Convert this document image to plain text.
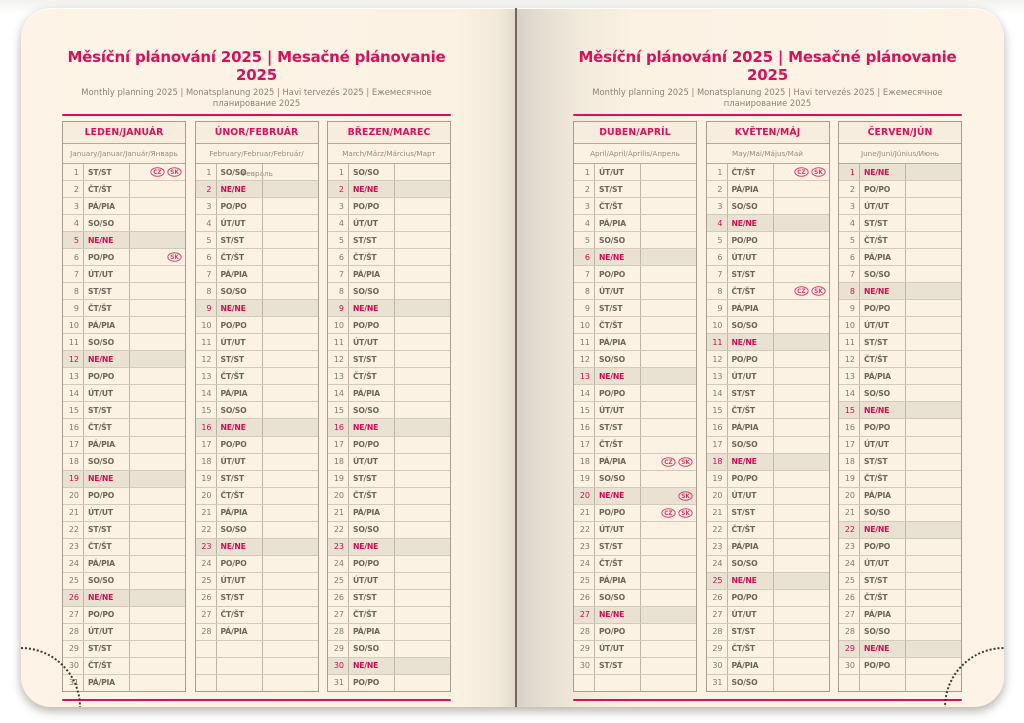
Měsíční plánování 2025 | Mesačné plánovanie 2025
Monthly planning 2025 | Monatsplanung 2025 | Havi tervezés 2025 | Ежемесячное планирование 2025
LEDEN/JANUÁR
January/Januar/Január/Январь
1	ST/ST	CZ	SK
2	ČT/ŠT
3	PÁ/PIA
4	SO/SO
5	NE/NE
6	PO/PO	SK
7	ÚT/UT
8	ST/ST
9	ČT/ŠT
10	PÁ/PIA
11	SO/SO
12	NE/NE
13	PO/PO
14	ÚT/UT
15	ST/ST
16	ČT/ŠT
17	PÁ/PIA
18	SO/SO
19	NE/NE
20	PO/PO
21	ÚT/UT
22	ST/ST
23	ČT/ŠT
24	PÁ/PIA
25	SO/SO
26	NE/NE
27	PO/PO
28	ÚT/UT
29	ST/ST
30	ČT/ŠT
31	PÁ/PIA
ÚNOR/FEBRUÁR
February/Februar/Február/Февраль
1	SO/SO
2	NE/NE
3	PO/PO
4	ÚT/UT
5	ST/ST
6	ČT/ŠT
7	PÁ/PIA
8	SO/SO
9	NE/NE
10	PO/PO
11	ÚT/UT
12	ST/ST
13	ČT/ŠT
14	PÁ/PIA
15	SO/SO
16	NE/NE
17	PO/PO
18	ÚT/UT
19	ST/ST
20	ČT/ŠT
21	PÁ/PIA
22	SO/SO
23	NE/NE
24	PO/PO
25	ÚT/UT
26	ST/ST
27	ČT/ŠT
28	PÁ/PIA
BŘEZEN/MAREC
March/März/Március/Март
1	SO/SO
2	NE/NE
3	PO/PO
4	ÚT/UT
5	ST/ST
6	ČT/ŠT
7	PÁ/PIA
8	SO/SO
9	NE/NE
10	PO/PO
11	ÚT/UT
12	ST/ST
13	ČT/ŠT
14	PÁ/PIA
15	SO/SO
16	NE/NE
17	PO/PO
18	ÚT/UT
19	ST/ST
20	ČT/ŠT
21	PÁ/PIA
22	SO/SO
23	NE/NE
24	PO/PO
25	ÚT/UT
26	ST/ST
27	ČT/ŠT
28	PÁ/PIA
29	SO/SO
30	NE/NE
31	PO/PO
Měsíční plánování 2025 | Mesačné plánovanie 2025
Monthly planning 2025 | Monatsplanung 2025 | Havi tervezés 2025 | Ежемесячное планирование 2025
DUBEN/APRÍL
April/April/Április/Апрель
1	ÚT/UT
2	ST/ST
3	ČT/ŠT
4	PÁ/PIA
5	SO/SO
6	NE/NE
7	PO/PO
8	ÚT/UT
9	ST/ST
10	ČT/ŠT
11	PÁ/PIA
12	SO/SO
13	NE/NE
14	PO/PO
15	ÚT/UT
16	ST/ST
17	ČT/ŠT
18	PÁ/PIA	CZ	SK
19	SO/SO
20	NE/NE	SK
21	PO/PO	CZ	SK
22	ÚT/UT
23	ST/ST
24	ČT/ŠT
25	PÁ/PIA
26	SO/SO
27	NE/NE
28	PO/PO
29	ÚT/UT
30	ST/ST
KVĚTEN/MÁJ
May/Mai/Május/Май
1	ČT/ŠT	CZ	SK
2	PÁ/PIA
3	SO/SO
4	NE/NE
5	PO/PO
6	ÚT/UT
7	ST/ST
8	ČT/ŠT	CZ	SK
9	PÁ/PIA
10	SO/SO
11	NE/NE
12	PO/PO
13	ÚT/UT
14	ST/ST
15	ČT/ŠT
16	PÁ/PIA
17	SO/SO
18	NE/NE
19	PO/PO
20	ÚT/UT
21	ST/ST
22	ČT/ŠT
23	PÁ/PIA
24	SO/SO
25	NE/NE
26	PO/PO
27	ÚT/UT
28	ST/ST
29	ČT/ŠT
30	PÁ/PIA
31	SO/SO
ČERVEN/JÚN
June/Juni/Június/Июнь
1	NE/NE
2	PO/PO
3	ÚT/UT
4	ST/ST
5	ČT/ŠT
6	PÁ/PIA
7	SO/SO
8	NE/NE
9	PO/PO
10	ÚT/UT
11	ST/ST
12	ČT/ŠT
13	PÁ/PIA
14	SO/SO
15	NE/NE
16	PO/PO
17	ÚT/UT
18	ST/ST
19	ČT/ŠT
20	PÁ/PIA
21	SO/SO
22	NE/NE
23	PO/PO
24	ÚT/UT
25	ST/ST
26	ČT/ŠT
27	PÁ/PIA
28	SO/SO
29	NE/NE
30	PO/PO
